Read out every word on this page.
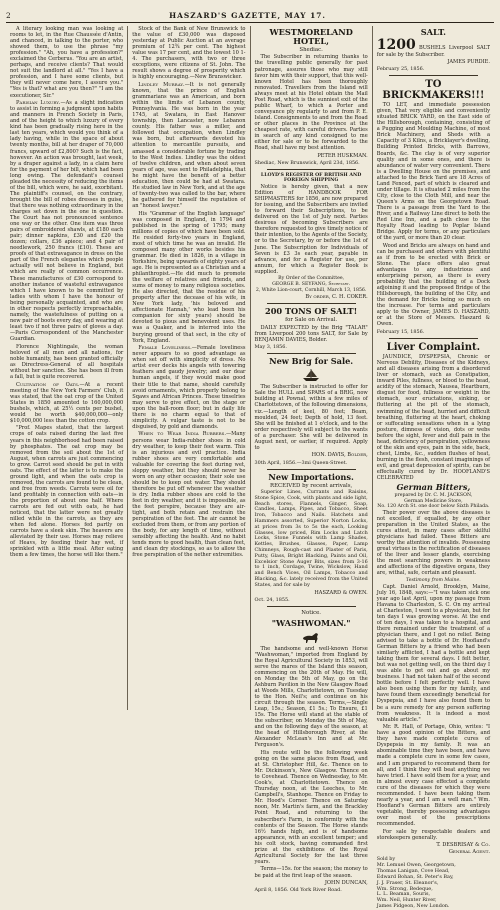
2	HASZARD'S GAZETTE, MAY 17.

A literary looking man was looking at rooms to let, in the Rue Chaussée d'Antin, and chanced, in talking to the porter, who showed them, to use the phrase "my profession." "Ah, you have a profession?" exclaimed the Cerberus. "You are an artist, perhaps, and receive clients? That would not suit the landlord at all." "Yes I have a profession, and I have some clients, but they will never come here, I assure you." "Yes is that? what are you then?" "I am the executioner, Sir."

Parisian Luxury.—As a slight indication to assist in forming a judgment upon habits and manners in French Society in Paris, and of the height to which luxury of every kind has been gradually rising here in the last ten years, which would you think of a lady having, while in the space of about twenty months, bill at her draper of 70,000 francs, upward of £2,800? Such is the fact, however. An action was brought, last week, by a draper against a lady, in a claim here for the payment of her bill, which had been long owing. The defendant's counsel pleaded the necessity of reducing the items of the bill, which were, he said, exorbitant. The plaintiff's counsel, on the contrary, brought the bill of robes dresses in guise, that there was nothing extraordinary in the charges set down in the one in question. The Court has not pronounced sentence one way or the other. One item was three pairs of embroidered shawls, at £180 each pair; dinner napkins, £30 and £20 the dozen; collars, £36 apiece; and 4 pair of needlework, 250 francs (£10). These are proofs of that extravagance in dress on the part of the French elegantes which people actually will not believe in England, but which are really of common occurrence. These manufactures of £30 correspond to another instance of wasteful extravagance which I have known to be committed by ladies with whom I have the honour of being personally acquainted, and who are in other respects perfectly irreproachable, namely, the wastefulness of putting on a new pair of boots every day, and wearing at least two if not three pairs of gloves a day.—Paris Correspondent of the Manchester Guardian.

Florence Nightingale, the woman beloved of all men and all nations, for noble humanity, has been granted officially as Directress-General of all hospitals without her sanction. She has been ill from a fall, but is quite recovered.

Cultivation of Oats.—At a recent meeting of the New York Farmers' Club, it was stated, that the oat crop of the United States in 1850 amounted to 160,000,000 bushels, which, at 25½ cents per bushel, would be worth $40,000,000—only $10,000,000 less than the cotton crop.

"Prof. Mapes stated, that the largest crops of oats raised during the last five years in this neighborhood had been raised by phosphates. The oat crop may be removed from the soil about the 1st of August, when carrots are just commencing to grow. Carrot seed should be put in with oats. The effect of the latter is to make the ground light, and when the oats crop is removed, the carrots are found to be clean, and free from weeds. Carrots were oil for land profitably in connection with oats—in the proportion of about one half. Where carrots are fed out with oats, he had noticed, that the latter were not greatly nilled while in the carrots, as they are when fed alone. Horses fed partly on carrots have a sleek skin. The heavers are alleviated by their use. Horses may relieve of Heavs, by feeding their hay wet, if sprinkled with a little meal. After eating them a few times, the horse will like them."

Stock of the Bank of New Brunswick to the value of £30,000 was disposed yesterday at Public Auction at an average premium of 12¾ per cent. The highest value was 17 per cent, and the lowest 10 1-4. The purchasers, with two or three exceptions, were citizens of St. John. The result shows a degree of prosperity which is highly encouraging.—New Brunswicker.

Lindley Murray.—It is not generally known, that the prince of English grammarians was an American, and born within the limits of Lebanon county, Pennsylvania. He was born in the year 1745, at Swatara, in East Hanover township, then Lancaster, now Lebanon county. His father was a miller, and followed that occupation, when Lindley was born, but afterwards devoted his attention to mercantile pursuits, and amassed a considerable fortune by trading to the West Indies. Lindley was the oldest of twelve children, and when about seven years of age, was sent to Philadelphia, that he might have the benefit of a better education, then could be had at Swatara. He studied law in New York, and at the age of twenty-two was called to the bar, where he gathered for himself the reputation of an "honest lawyer."

His "Grammar of the English language" was composed in England, in 1794 and published in the spring of 1795; many millions of copies of which have been sold. He resided forty-two years in England, most of which time he was an invalid. He composed many other works besides his grammar. He died in 1826, in a village in Yorkshire, being upwards of eighty years of age. He is represented as a Christian and a philanthropist.—He did much to promote the welfare of relatives and friends, and sums of money to many religious societies. He also directed, that the residue of his property after the decease of his wife, in New York lady, 'his beloved and affectionate Hannah,' who lead been his companion for sixty years) should be devoted to pious and benevolent uses. He was a Quaker, and is interred into the burying ground of that sect, in the city of York, England.

Female Loveliness.—Female loveliness never appears to so good advantage as when set off with simplicity of dress. No artist ever decks his angels with towering feathers and gaudy jewelry; and our dear human angels, if they would make good their title to that name, should carefully avoid ornaments, which properly belong to Sqaws and African Princes. These tinselries may serve to give effect, on the stage or upon the ball-room floor; but in daily life there is no charm equal to that of simplicity. A vulgar taste is not to be disguised, by gold and diamonds.

When to Wear India Rubbers.—Many persons wear India-rubber shoes in cold dry weather, to keep their feet warm. This is an injurious and evil practice. India rubber shoes are very comfortable and valuable for covering the feet during wet, sloppy weather, but they should never be worn on any other occasion; their sole use should be to keep out water. They should therefore be put off whenever the weather is dry. India rubber shoes are cold to the feet in dry weather, and it is impossible, as the feet perspire, because they are air-tight, and both retain and restrain the perspiration of the feet. The air cannot be excluded from them, or from any portion of the body, for any length of time, without sensibly affecting the health. And no habit tends more to good health, than clean feet, and clean dry stockings, so as to allow the free perspiration of the nether extremities.

WESTMORELAND HOTEL,
Shediac.

The Subscriber in returning thanks to the travelling public generally for past patronage, assures those who may still favor him with their support, that this well-known Hotel has been thoroughly renovated. Travellers from the Island will always meet at his Hotel obtain the Mail Post Road, which is the sunniest exit of the public Wharf, to which a Porter and conveyance ply regularly to and from P. E. Island. Consignments to and from the Road or other places in the Province at the cheapest rate, with careful drivers. Parties in search of any kind consigned to me either for sale or to be forwarded to the Road, shall have my best attention.

PETER HUSKMAN.
Shediac, New Brunswick, April 23d, 1856.
LLOYD'S REGISTER OF BRITISH AND FOREIGN SHIPPING

Notice is hereby given, that a new Edition of HANDBOOK FOR SHIPMASTERS for 1856, are now prepared for issuing, and the Subscribers are invited to forward their Subscriptions, to be delivered on the 1st of July next. Parties desirous of becoming Subscribers are therefore requested to give timely notice of their intention, to the Agents of the Society, or to the Secretary, by or before the 1st of June. The Subscription for Individuals of Seven is £3 3s each year, payable in advance, and for a Register for use, per annum, for which a Register Book is supplied.

By Order of the Committee,
GEORGE B. SEYFANG, Secretary.
2, White Lion-court, Cornhill, March 13, 1856.
By order, C. H. COKER.
200 TONS OF SALT!
for Sale on Arrival.

DAILY EXPECTED by the Brig "TALAR" from Liverpool 200 tons SALT, for Sale by BENJAMIN DAVIES, Bolder.

May 3, 1856.
New Brig for Sale.

The Subscriber is instructed to offer for Sale the HULL and SPARS of a BRIG, now building at Pownal, within a few miles of Charlottetown, of the following dimensions, viz.—Length of keel, 80 feet; Beam, moulded, 24 feet; Depth of hold, 13 feet. She will be finished at 1 o'clock, and to the order respectively will subject to the wants of a purchaser. She will be delivered in August next, or earlier, if required. Apply to

HON. DAVIS, Bolder,
30th April, 1856.—3mi Queen-Street.
New Importations.
RECEIVED by recent arrivals,

Superior Lines, Currants and Raisins, Stone Spice, Cook, with plants and side light, Beach stores, Flannels, Ginger, Soap, Candles, Lamps, Pipes, and Tobacco, Sheet Iron, Tobacco and Nails. Hatchets and Hammers assorted, Superior Norton Locks, at prices from 3s to 5s the each, Looking Glasses, low priced, Rim Locks and Latch Locks, Stone Funnels with Lamp Shades, Kettles, Brushes, Glasses, Paper, Lamp Chimneys, Rough-cast and Plaster of Paris, Putty, Glass, Bright Blacking, Paints and Oil, Excelsior Stone Auger Bits, sizes from 3-16 to 1 inch, Cordage, Twine, Wickslow, Hand and Bench Vices, Oil Lamps, Tobacco and Blacking, &c. lately received from the United States, and for sale by

HASZARD & OWEN.
Oct. 24, 1855.
Notice.
"WASHWOMAN."

The handsome and well-known Horse "Washwoman," imported from England by the Royal Agricultural Society in 1853, will serve the mares of the Island this season, commencing on the 20th of May. He will, on Monday the 5th of May, go on the Ashburn Pavilion in the New Glasgow Road at Woods Mills, Charlottetown, on Tuesday to the Hon. Neil's; and continue on his circuit through the season. Terms,—Single Leap, 15s.; Season, £1 5s.; To Ensure, £1 15s. The Horse will stand at the stable of the subscriber, on Monday the 5th of May, and on the following days of the season, at the head of Hillsborough River, at the Alexander McLean's Inn and at Mr. Ferguson's.

His route will be the following week going on the same places from Road, and at St. Christopher Hill, &c. Thence on to Mr. Dickinson's, New Glasgow. Thence on to Covehead. Thence on Wednesday, to Mr. Cook's, at Charlottetown. Thence on Thursday noon, at the Leeches, to Mr. Campbell's, Stanhope. Thence on Friday to Mr. Hood's Corner. Thence on Saturday noon, Mr. Martin's farm, and the Brackley Point Road, and returning to the subscriber's Farm, in conformity with the contents of the Season. The Horse stands 16½ hands high, and is of handsome appearance, with an excellent temper; and his colt stock, having commanded first prize at the exhibitions of the Royal Agricultural Society for the last three years.

Terms—15s. for the season; the money to be paid at the first leap of the season.

JOHN DUNCAN,
April 8, 1856. Old York River Road.
SALT.
1200 BUSHELS Liverpool SALT for sale by the Subscriber.
JAMES PURDIE.
February 25, 1856.
TO BRICKMAKERS!!!

TO LET, and immediate possession given, That very eligible and conveniently situated BRICK YARD, on the East side of the Hillsborough, containing, consisting of a Pugging and Moulding Machine, of most Brick Machinery, and Sheds with a Capacity of 3 Kilns, a Bricklayer's dwelling, Building Printed Bricks, with Barrows, Boards, &c. The clay is of very superior quality and in some ones, and there is abundance of water very convenient. There is a Dwelling House on the premises, and attached to the Brick Yard are 18 Acres of Land Fenced, part of which is cleared and under tillage. It is situated 2 miles from the City, close to the Cloth Mill, and near the Queen's Arms on the Georgetown Road. There is a passage from the Yard to the River, and a Railway Line direct to both the Red Line Inn, and a path close to the Royalty Road leading to Poplar Island Bridge. Apply for terms, or any particulars of the yard, or more than 20 clear.

Wood and Bricks are always on hand and can be purchased and others with plentiful as if from to be erected with Brick or Stone. The place offers also great advantages to any industrious and enterprising person, as there is every probability that the building of a Dock adjoining it and the proposed Bridge of the Hillsborough, the building of the City, and the demand for Bricks being so much on the increase. For terms and particulars apply to the Owner, JAMES D. HASZARD, or at the Store of Messrs. Haszard & Owen.

February 15, 1856.
Liver Complaint.

JAUNDICE, DYSPEPSIA, Chronic or Nervous Debility, Diseases of the Kidneys, and all diseases arising from a disordered liver or stomach, such as Constipation, inward Piles, fullness, or blood to the head, acidity of the stomach, Nausea, Heartburn, disgust for food, fullness or weight in the stomach, sour eructations, sinking, or fluttering at the pit of the stomach, swimming of the head, hurried and difficult breathing, fluttering at the heart, choking or suffocating sensations when in a lying posture, dimness of vision, dots or webs before the sight, fever and dull pain in the head, deficiency of perspiration, yellowness of the skin and eyes, pain in the side, back, chest, Limbs, &c., sudden flushes of heat, burning in the flesh, constant imaginings of evil, and great depression of spirits, can be effectually cured by Dr. HOOFLAND'S CELEBRATED

German Bitters,
prepared by Dr. C. M. JACKSON,
German Medicine Store,
No. 120 Arch St. one door below Sixth Philada.

Their power over the above diseases is not excelled, if equalled, by any other preparation in the United States, as the cures attest, in many cases after skilful physicians had failed. These Bitters are worthy the attention of invalids. Possessing great virtues in the rectification of diseases of the liver and lesser glands, exercising the most searching powers in weakness and affections of the digestive organs, they are, withal, safe, certain and pleasant.

Testimony from Maine.

Capt. Daniel Arnold, Brooklyn, Maine, July 16, 1848, says:—"I was taken sick one year ago last April, upon my passage from Havana to Charleston, S. C. On my arrival at Charleston, I went to a physician, but for ten days I was growing worse. At the end of ten days, I was taken to a hospital, and there remained under the treatment of a physician there, and I got no relief. Being advised to take a bottle of Dr. Hoofland's German Bitters by a friend who had been similarly afflicted, I had a bottle and kept taking them for several days. I felt better, but was not getting well, on the third day I was able to get out and go about my business. I had not taken half of the second bottle before I felt perfectly well. I have also been using them for my family, and have found them exceedingly beneficial for Dyspepsia, and I have also found them to be a sure remedy for any person suffering from weakness. It is indeed a most valuable article."

Mr. R. Hall, of Portage, Ohio, writes: "I have a good opinion of the Bitters, and they have made complete cures of Dyspepsia in my family. It was an abominable time they have been, and have made a complete cure in some few cases, and I am prepared to recommend them for all, and I think they will beat anything we have tried. I have sold them for a year, and in almost every case effected a complete cure of the diseases for which they were recommended. I have been taking them nearly a year, and I am a well man." Wm. Hoofland's German Bitters are entirely vegetable, thereby possessing advantages over most of the prescriptions recommended.

For sale by respectable dealers and storekeepers generally.

T. DESBRISAY & Co.
General Agent.
Sold by
Mr. Lemuel Owen, Georgetown,
Thomas Lanigan, Cove Head,
Edward Bohan, St. Peter's Bay,
J. J. Fraser, St. Eleanor's,
Wm. Strong, Bedeque,
L. L. Beaman, Souris,
Wm. Neil, Hunter River,
James Pidgeon, New London.
